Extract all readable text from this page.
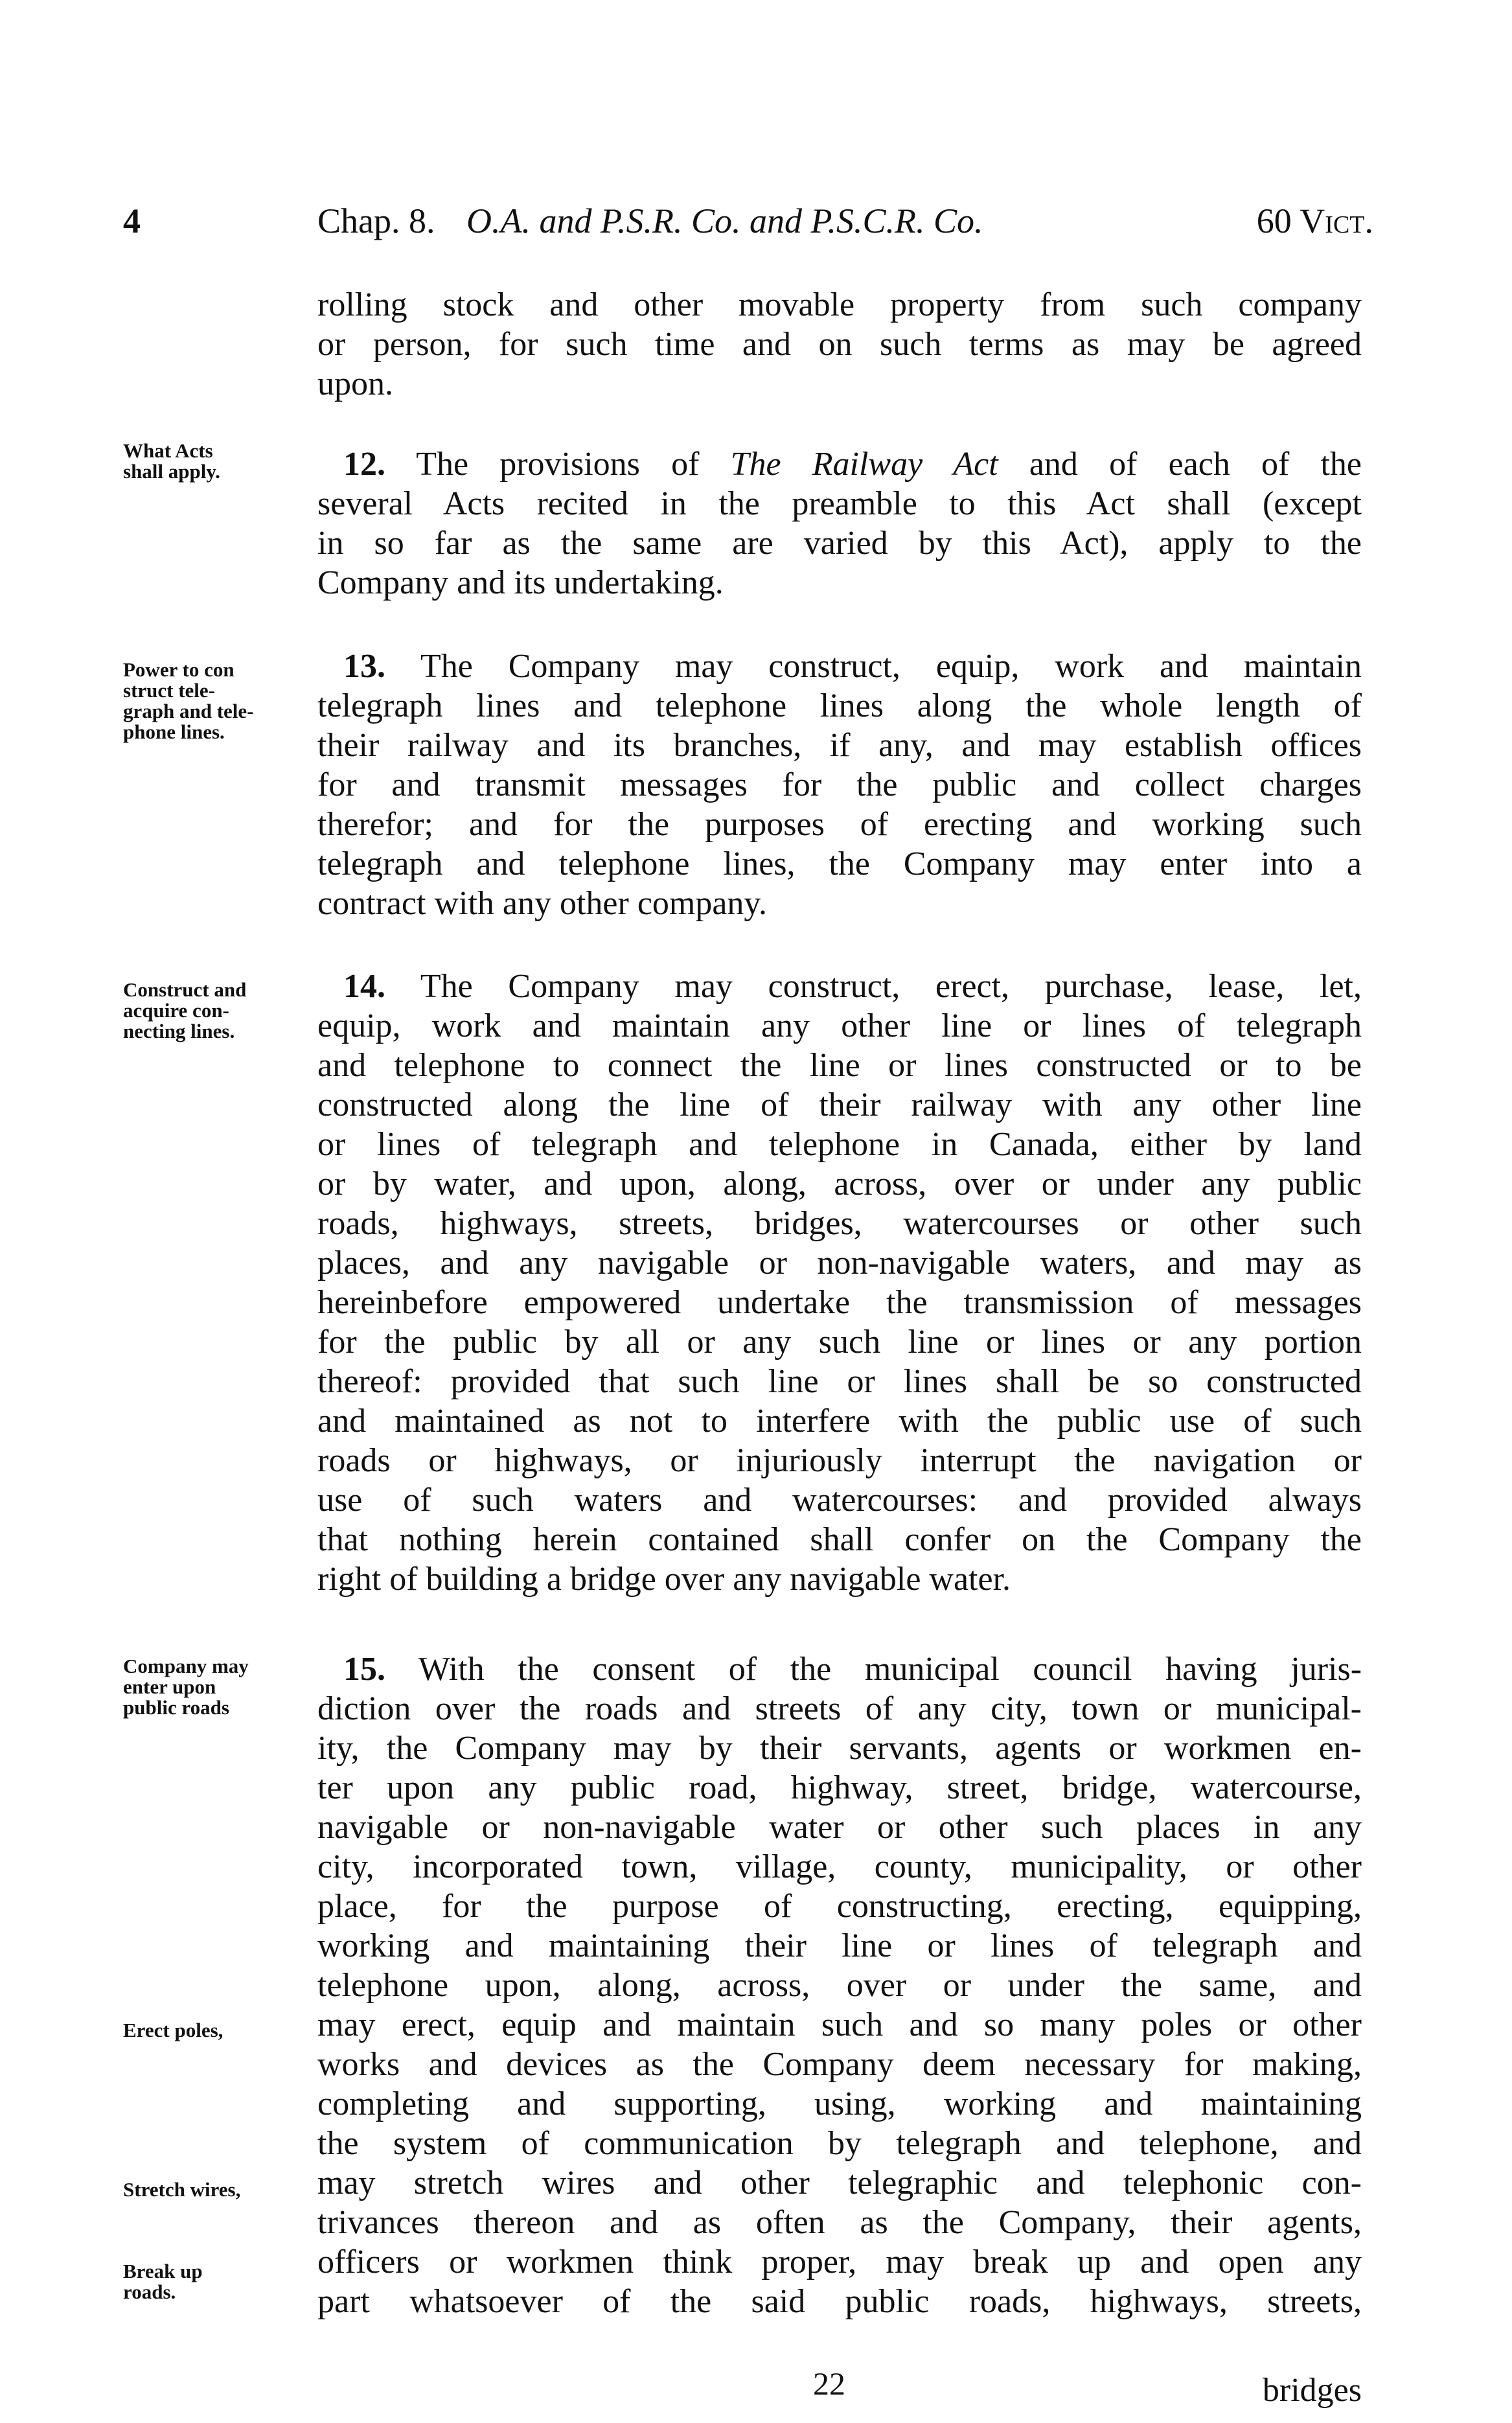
4	Chap. 8. O.A. and P.S.R. Co. and P.S.C.R. Co.	60 Vict.
rolling stock and other movable property from such company
or person, for such time and on such terms as may be agreed
upon.
What Acts
shall apply.	12. The provisions of The Railway Act and of each of the
several Acts recited in the preamble to this Act shall (except
in so far as the same are varied by this Act), apply to the
Company and its undertaking.
Power to con
struct tele-
graph and tele-
phone lines.
13. The Company may construct, equip, work and maintain
telegraph lines and telephone lines along the whole length of
their railway and its branches, if any, and may establish offices
for and transmit messages for the public and collect charges
therefor; and for the purposes of erecting and working such
telegraph and telephone lines, the Company may enter into a
contract with any other company.
Construct and
acquire con-
necting lines.
14. The Company may construct, erect, purchase, lease, let,
equip, work and maintain any other line or lines of telegraph
and telephone to connect the line or lines constructed or to be
constructed along the line of their railway with any other line
or lines of telegraph and telephone in Canada, either by land
or by water, and upon, along, across, over or under any public
roads, highways, streets, bridges, watercourses or other such
places, and any navigable or non-navigable waters, and may as
hereinbefore empowered undertake the transmission of messages
for the public by all or any such line or lines or any portion
thereof: provided that such line or lines shall be so constructed
and maintained as not to interfere with the public use of such
roads or highways, or injuriously interrupt the navigation or
use of such waters and watercourses: and provided always
that nothing herein contained shall confer on the Company the
right of building a bridge over any navigable water.
Company may
enter upon
public roads
15. With the consent of the municipal council having juris-
diction over the roads and streets of any city, town or municipal-
ity, the Company may by their servants, agents or workmen en-
ter upon any public road, highway, street, bridge, watercourse,
navigable or non-navigable water or other such places in any
city, incorporated town, village, county, municipality, or other
place, for the purpose of constructing, erecting, equipping,
working and maintaining their line or lines of telegraph and
telephone upon, along, across, over or under the same, and
may erect, equip and maintain such and so many poles or other
works and devices as the Company deem necessary for making,
completing and supporting, using, working and maintaining
the system of communication by telegraph and telephone, and
may stretch wires and other telegraphic and telephonic con-
trivances thereon and as often as the Company, their agents,
officers or workmen think proper, may break up and open any
part whatsoever of the said public roads, highways, streets,
Erect poles,
Stretch wires,
Break up
roads.
22	bridges
